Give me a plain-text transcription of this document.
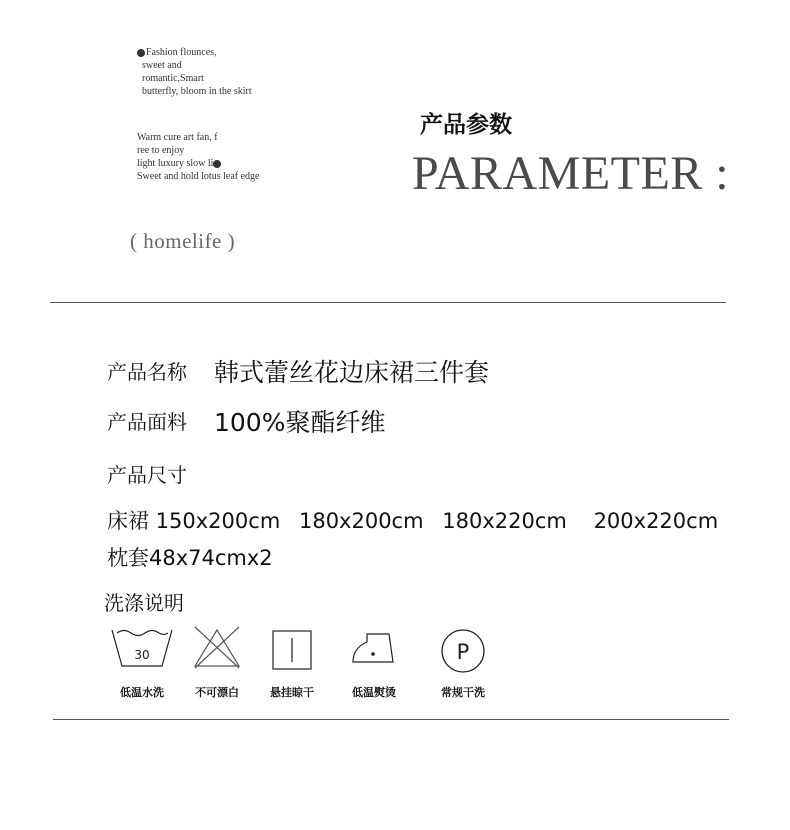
Fashion flounces,
sweet and
romantic,Smart
butterfly, bloom in the skirt
Warm cure art fan, f
ree to enjoy
light luxury slow li
Sweet and hold lotus leaf edge
( homelife )
产品参数
PARAMETER :
产品名称 韩式蕾丝花边床裙三件套
产品面料 100%聚酯纤维
产品尺寸
床裙 150x200cm 180x200cm 180x220cm 200x220cm
枕套48x74cmx2
洗涤说明
30
低温水洗	不可漂白	悬挂晾干	低温熨烫
P
常规干洗
